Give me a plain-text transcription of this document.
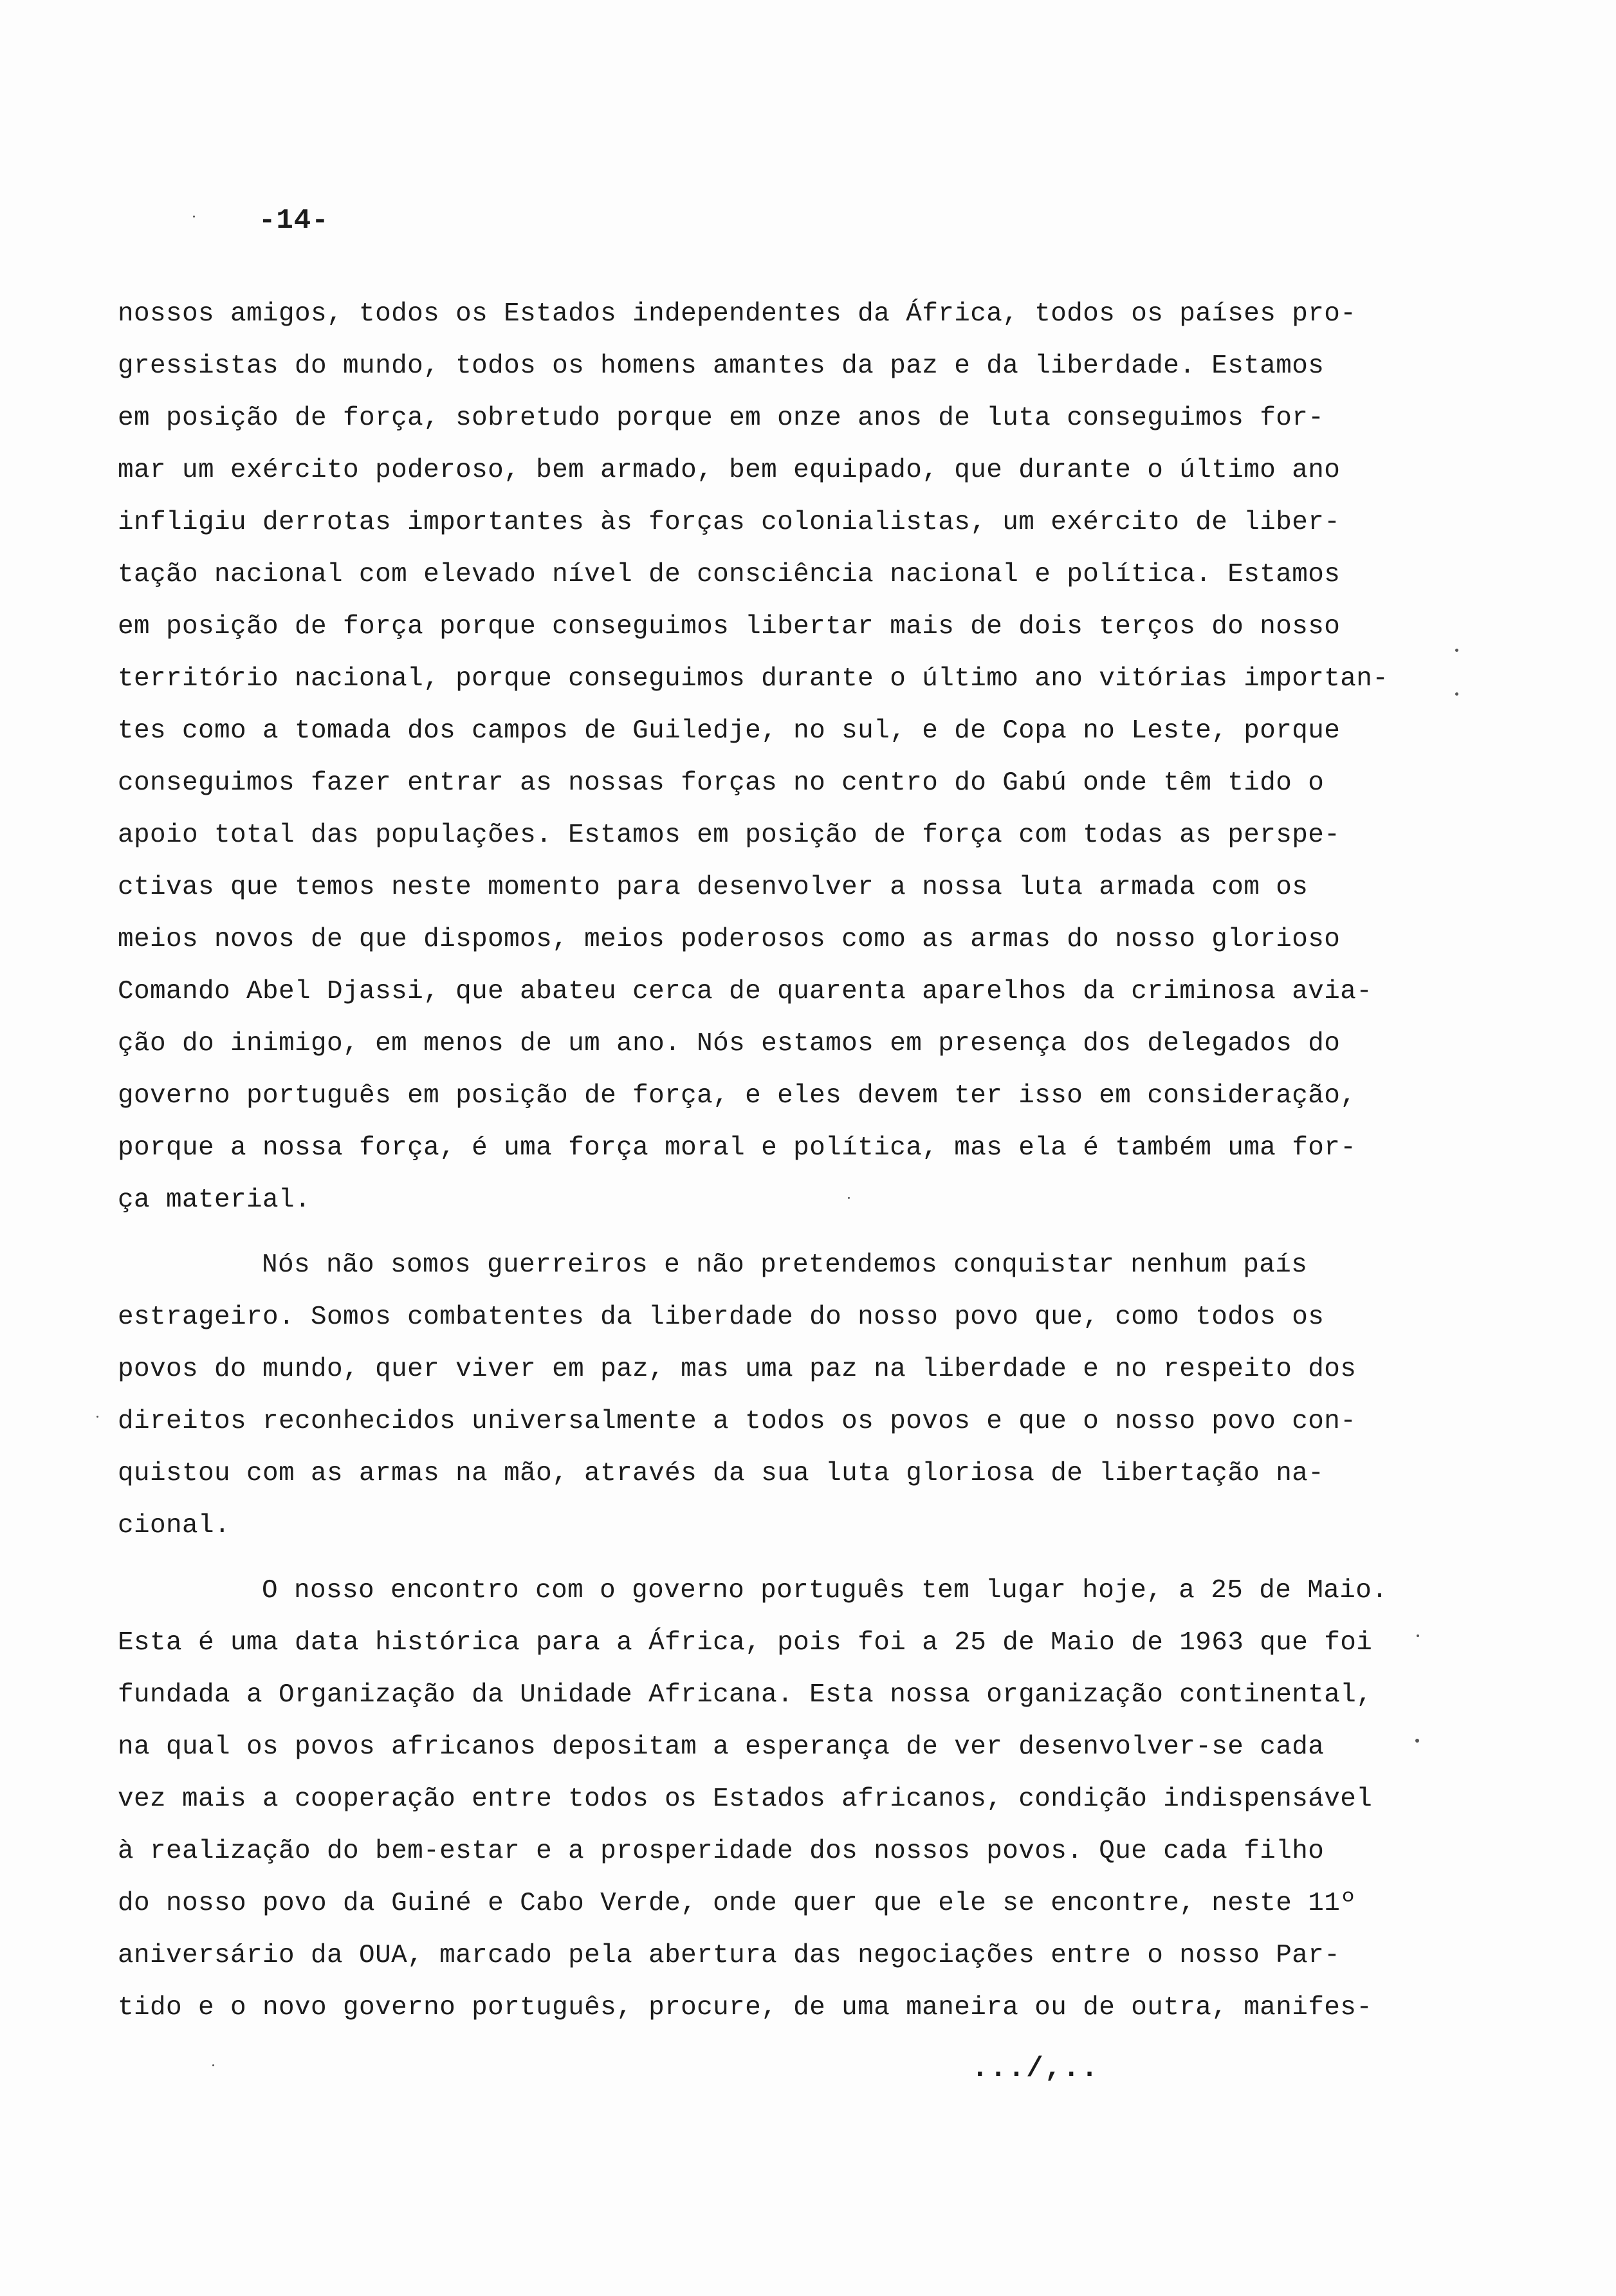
-14-
nossos amigos, todos os Estados independentes da África, todos os países pro-
gressistas do mundo, todos os homens amantes da paz e da liberdade. Estamos
em posição de força, sobretudo porque em onze anos de luta conseguimos for-
mar um exército poderoso, bem armado, bem equipado, que durante o último ano
infligiu derrotas importantes às forças colonialistas, um exército de liber-
tação nacional com elevado nível de consciência nacional e política. Estamos
em posição de força porque conseguimos libertar mais de dois terços do nosso
território nacional, porque conseguimos durante o último ano vitórias importan-
tes como a tomada dos campos de Guiledje, no sul, e de Copa no Leste, porque
conseguimos fazer entrar as nossas forças no centro do Gabú onde têm tido o
apoio total das populações. Estamos em posição de força com todas as perspe-
ctivas que temos neste momento para desenvolver a nossa luta armada com os
meios novos de que dispomos, meios poderosos como as armas do nosso glorioso
Comando Abel Djassi, que abateu cerca de quarenta aparelhos da criminosa avia-
ção do inimigo, em menos de um ano. Nós estamos em presença dos delegados do
governo português em posição de força, e eles devem ter isso em consideração,
porque a nossa força, é uma força moral e política, mas ela é também uma for-
ça material.
Nós não somos guerreiros e não pretendemos conquistar nenhum país
estrageiro. Somos combatentes da liberdade do nosso povo que, como todos os
povos do mundo, quer viver em paz, mas uma paz na liberdade e no respeito dos
direitos reconhecidos universalmente a todos os povos e que o nosso povo con-
quistou com as armas na mão, através da sua luta gloriosa de libertação na-
cional.
O nosso encontro com o governo português tem lugar hoje, a 25 de Maio.
Esta é uma data histórica para a África, pois foi a 25 de Maio de 1963 que foi
fundada a Organização da Unidade Africana. Esta nossa organização continental,
na qual os povos africanos depositam a esperança de ver desenvolver-se cada
vez mais a cooperação entre todos os Estados africanos, condição indispensável
à realização do bem-estar e a prosperidade dos nossos povos. Que cada filho
do nosso povo da Guiné e Cabo Verde, onde quer que ele se encontre, neste 11º
aniversário da OUA, marcado pela abertura das negociações entre o nosso Par-
tido e o novo governo português, procure, de uma maneira ou de outra, manifes-
.../,..
